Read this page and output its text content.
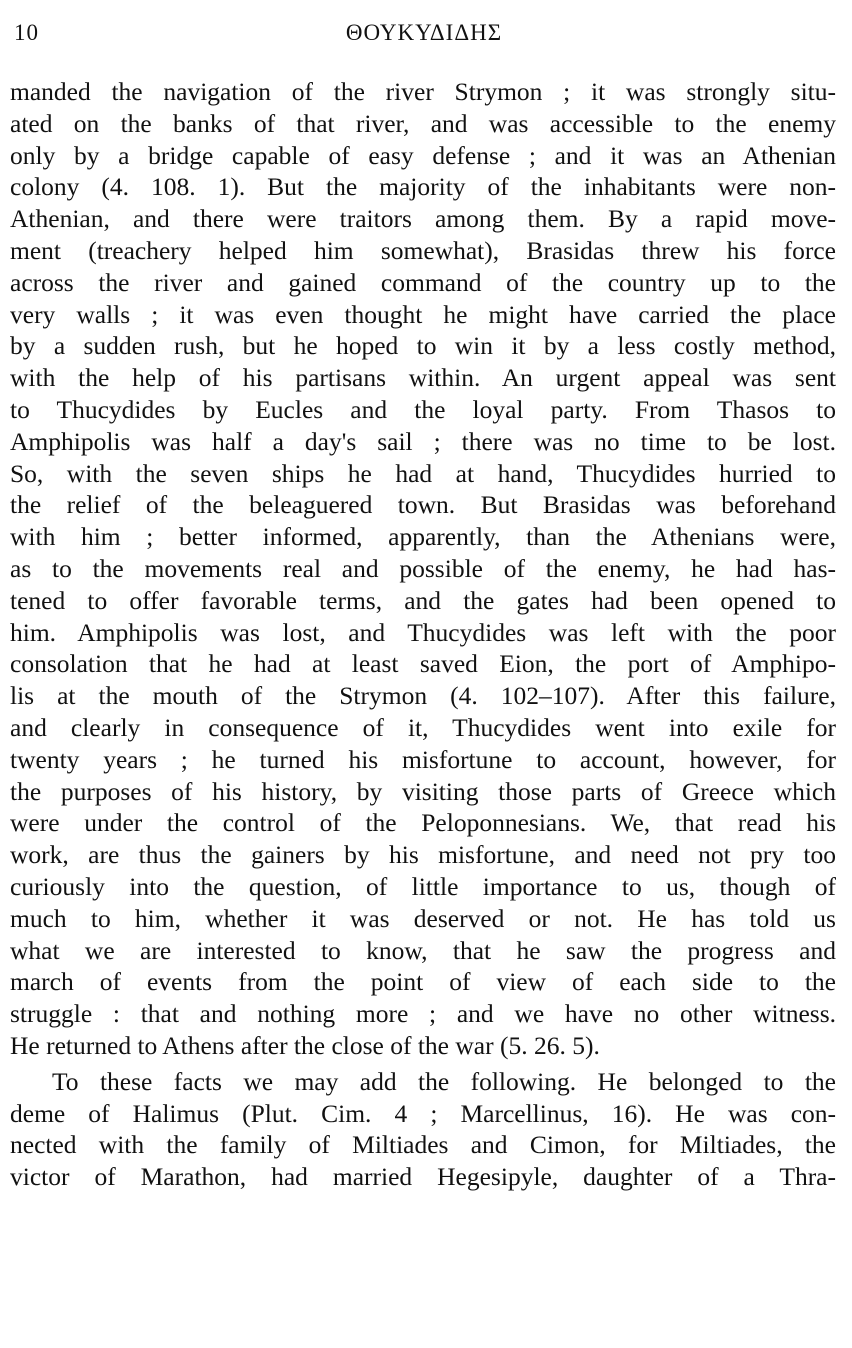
10	ΘΟΥΚΥΔΙΔΗΣ
manded the navigation of the river Strymon ; it was strongly situ-
ated on the banks of that river, and was accessible to the enemy
only by a bridge capable of easy defense ; and it was an Athenian
colony (4. 108. 1). But the majority of the inhabitants were non-
Athenian, and there were traitors among them. By a rapid move-
ment (treachery helped him somewhat), Brasidas threw his force
across the river and gained command of the country up to the
very walls ; it was even thought he might have carried the place
by a sudden rush, but he hoped to win it by a less costly method,
with the help of his partisans within. An urgent appeal was sent
to Thucydides by Eucles and the loyal party. From Thasos to
Amphipolis was half a day's sail ; there was no time to be lost.
So, with the seven ships he had at hand, Thucydides hurried to
the relief of the beleaguered town. But Brasidas was beforehand
with him ; better informed, apparently, than the Athenians were,
as to the movements real and possible of the enemy, he had has-
tened to offer favorable terms, and the gates had been opened to
him. Amphipolis was lost, and Thucydides was left with the poor
consolation that he had at least saved Eion, the port of Amphipo-
lis at the mouth of the Strymon (4. 102–107). After this failure,
and clearly in consequence of it, Thucydides went into exile for
twenty years ; he turned his misfortune to account, however, for
the purposes of his history, by visiting those parts of Greece which
were under the control of the Peloponnesians. We, that read his
work, are thus the gainers by his misfortune, and need not pry too
curiously into the question, of little importance to us, though of
much to him, whether it was deserved or not. He has told us
what we are interested to know, that he saw the progress and
march of events from the point of view of each side to the
struggle : that and nothing more ; and we have no other witness.
He returned to Athens after the close of the war (5. 26. 5).
To these facts we may add the following. He belonged to the
deme of Halimus (Plut. Cim. 4 ; Marcellinus, 16). He was con-
nected with the family of Miltiades and Cimon, for Miltiades, the
victor of Marathon, had married Hegesipyle, daughter of a Thra-
